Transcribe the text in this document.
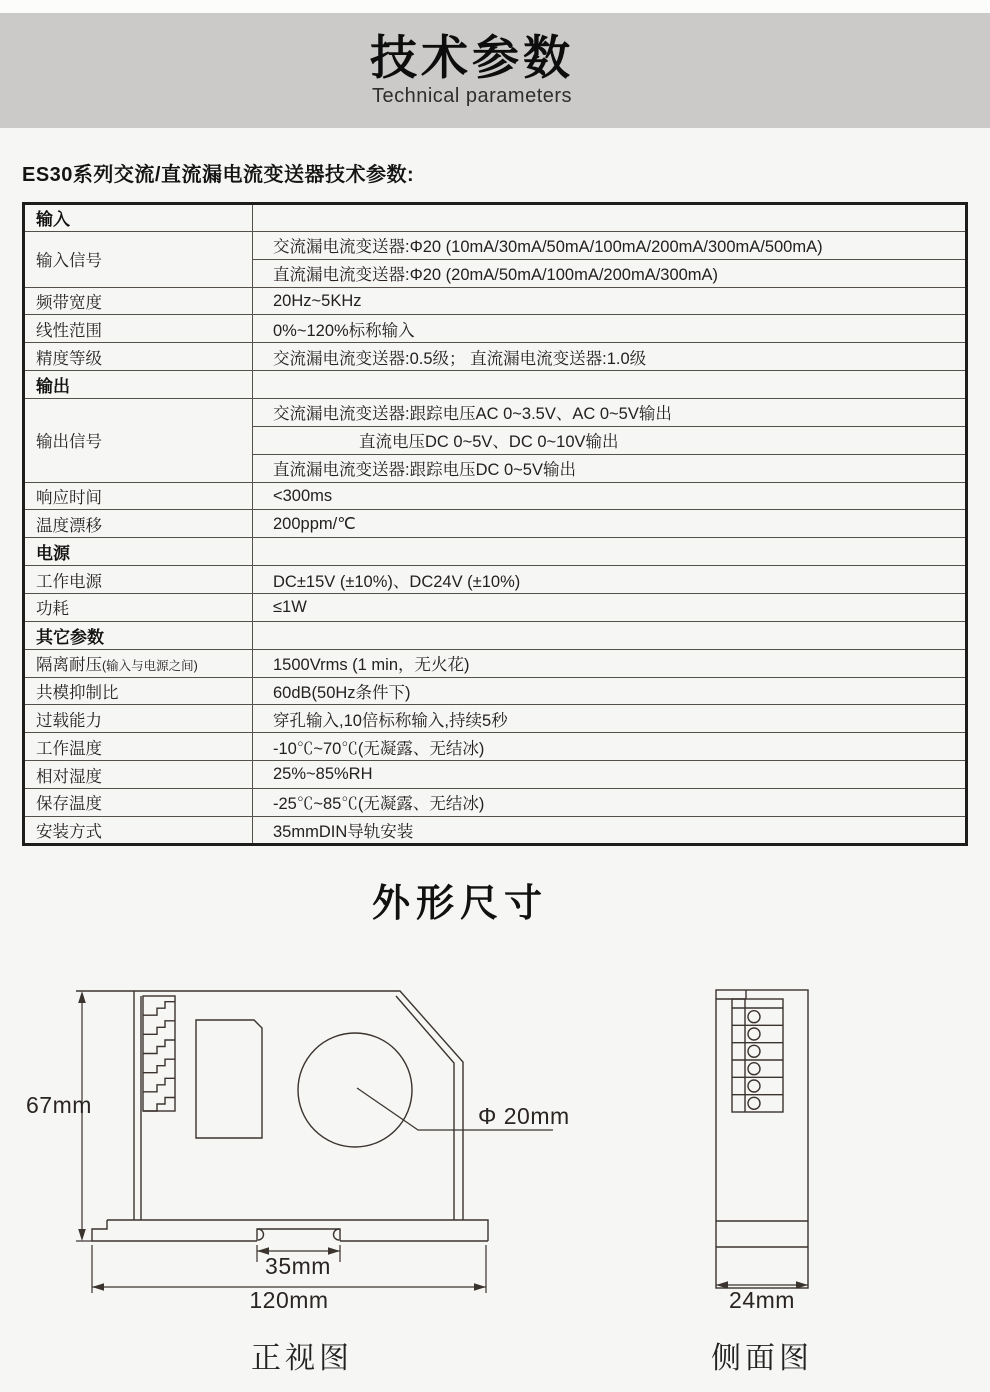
技术参数
Technical parameters
ES30系列交流/直流漏电流变送器技术参数:
输入	
输入信号	交流漏电流变送器:Φ20 (10mA/30mA/50mA/100mA/200mA/300mA/500mA)
	直流漏电流变送器:Φ20 (20mA/50mA/100mA/200mA/300mA)
频带宽度	20Hz~5KHz
线性范围	0%~120%标称输入
精度等级	交流漏电流变送器:0.5级； 直流漏电流变送器:1.0级
输出	
输出信号	交流漏电流变送器:跟踪电压AC 0~3.5V、AC 0~5V输出
	直流电压DC 0~5V、DC 0~10V输出
	直流漏电流变送器:跟踪电压DC 0~5V输出
响应时间	<300ms
温度漂移	200ppm/℃
电源	
工作电源	DC±15V (±10%)、DC24V (±10%)
功耗	≤1W
其它参数	
隔离耐压(输入与电源之间)	1500Vrms (1 min，无火花)
共模抑制比	60dB(50Hz条件下)
过载能力	穿孔输入,10倍标称输入,持续5秒
工作温度	-10℃~70℃(无凝露、无结冰)
相对湿度	25%~85%RH
保存温度	-25℃~85℃(无凝露、无结冰)
安装方式	35mmDIN导轨安装
外形尺寸
Φ 20mm
67mm
35mm
120mm
正视图
24mm
侧面图
